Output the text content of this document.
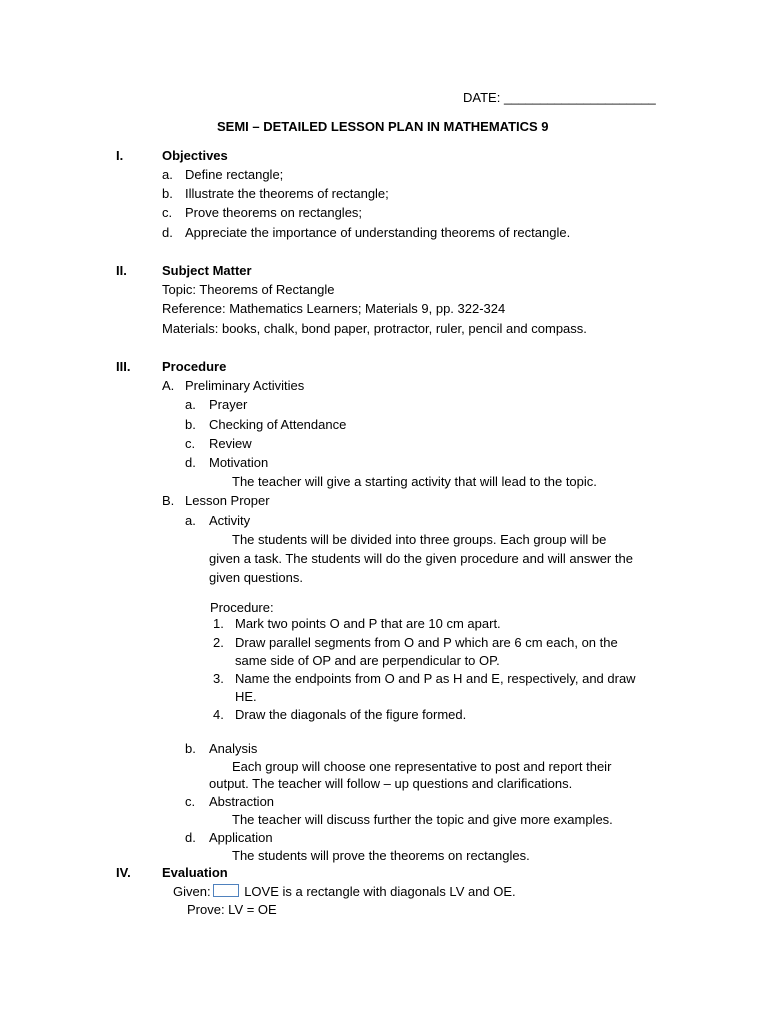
DATE: _____________________
SEMI – DETAILED LESSON PLAN IN MATHEMATICS 9
I.	Objectives
a. Define rectangle;
b. Illustrate the theorems of rectangle;
c. Prove theorems on rectangles;
d. Appreciate the importance of understanding theorems of rectangle.
II.	Subject Matter
Topic: Theorems of Rectangle
Reference: Mathematics Learners; Materials 9, pp. 322-324
Materials: books, chalk, bond paper, protractor, ruler, pencil and compass.
III. Procedure
A. Preliminary Activities
a. Prayer
b. Checking of Attendance
c. Review
d. Motivation
The teacher will give a starting activity that will lead to the topic.
B. Lesson Proper
a. Activity
The students will be divided into three groups. Each group will be
given a task. The students will do the given procedure and will answer the
given questions.
Procedure:
1. Mark two points O and P that are 10 cm apart.
2. Draw parallel segments from O and P which are 6 cm each, on the
same side of OP and are perpendicular to OP.
3. Name the endpoints from O and P as H and E, respectively, and draw
HE.
4. Draw the diagonals of the figure formed.
b. Analysis
Each group will choose one representative to post and report their
output. The teacher will follow – up questions and clarifications.
c. Abstraction
The teacher will discuss further the topic and give more examples.
d. Application
The students will prove the theorems on rectangles.
IV. Evaluation
Given:	LOVE is a rectangle with diagonals LV and OE.
Prove: LV = OE
